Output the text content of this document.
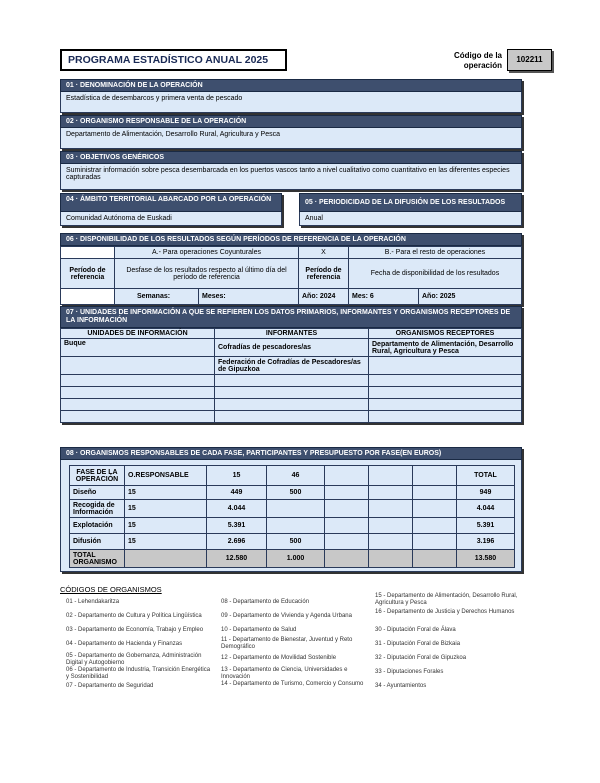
PROGRAMA ESTADÍSTICO ANUAL 2025	Código de la operación
102211
01 · DENOMINACIÓN DE LA OPERACIÓN
Estadística de desembarcos y primera venta de pescado
02 · ORGANISMO RESPONSABLE DE LA OPERACIÓN
Departamento de Alimentación, Desarrollo Rural, Agricultura y Pesca
03 · OBJETIVOS GENÉRICOS
Suministrar información sobre pesca desembarcada en los puertos vascos tanto a nivel cualitativo como cuantitativo en las diferentes especies capturadas
04 · ÁMBITO TERRITORIAL ABARCADO POR LA OPERACIÓN
Comunidad Autónoma de Euskadi
05 · PERIODICIDAD DE LA DIFUSIÓN DE LOS RESULTADOS
Anual
06 · DISPONIBILIDAD DE LOS RESULTADOS SEGÚN PERÍODOS DE REFERENCIA DE LA OPERACIÓN
	A.- Para operaciones Coyunturales		X	B.- Para el resto de operaciones	
Período de referencia	Desfase de los resultados respecto al último día del período de referencia		Período de referencia	Fecha de disponibilidad de los resultados	
	Semanas:	Meses:	Año: 2024	Mes: 6	Año: 2025
07 · UNIDADES DE INFORMACIÓN A QUE SE REFIEREN LOS DATOS PRIMARIOS, INFORMANTES Y ORGANISMOS RECEPTORES DE LA INFORMACIÓN
UNIDADES DE INFORMACIÓN	INFORMANTES	ORGANISMOS RECEPTORES
Buque	Cofradías de pescadores/as	Departamento de Alimentación, Desarrollo Rural, Agricultura y Pesca
	Federación de Cofradías de Pescadores/as de Gipuzkoa	

08 · ORGANISMOS RESPONSABLES DE CADA FASE, PARTICIPANTES Y PRESUPUESTO POR FASE(EN EUROS)
FASE DE LA OPERACIÓN	O.RESPONSABLE	15	46				TOTAL
Diseño	15	449	500				949
Recogida de Información	15	4.044					4.044
Explotación	15	5.391					5.391
Difusión	15	2.696	500				3.196
TOTAL ORGANISMO		12.580	1.000				13.580
CÓDIGOS DE ORGANISMOS
01 - Lehendakaritza
02 - Departamento de Cultura y Política Lingüística
03 - Departamento de Economía, Trabajo y Empleo
04 - Departamento de Hacienda y Finanzas
05 - Departamento de Gobernanza, Administración Digital y Autogobierno
06 - Departamento de Industria, Transición Energética y Sostenibilidad
07 - Departamento de Seguridad
08 - Departamento de Educación
09 - Departamento de Vivienda y Agenda Urbana
10 - Departamento de Salud
11 - Departamento de Bienestar, Juventud y Reto Demográfico
12 - Departamento de Movilidad Sostenible
13 - Departamento de Ciencia, Universidades e Innovación
14 - Departamento de Turismo, Comercio y Consumo
15 - Departamento de Alimentación, Desarrollo Rural, Agricultura y Pesca
16 - Departamento de Justicia y Derechos Humanos
30 - Diputación Foral de Álava
31 - Diputación Foral de Bizkaia
32 - Diputación Foral de Gipuzkoa
33 - Diputaciones Forales
34 - Ayuntamientos
